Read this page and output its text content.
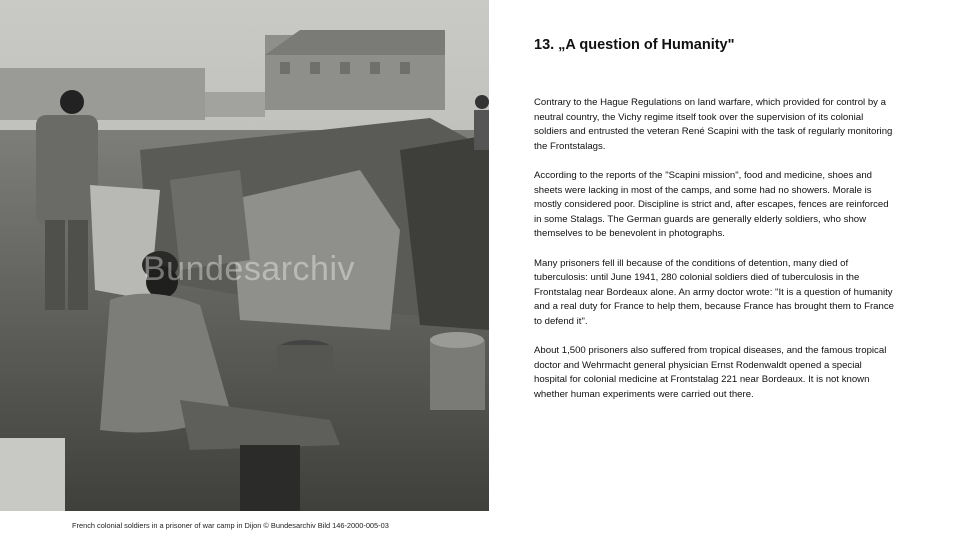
Bundesarchiv
French colonial soldiers in a prisoner of war camp in Dijon © Bundesarchiv Bild 146-2000-005-03
13. „A question of Humanity"

Contrary to the Hague Regulations on land warfare, which provided for control by a neutral country, the Vichy regime itself took over the supervision of its colonial soldiers and entrusted the veteran René Scapini with the task of regularly monitoring the Frontstalags.

According to the reports of the "Scapini mission", food and medicine, shoes and sheets were lacking in most of the camps, and some had no showers. Morale is mostly considered poor. Discipline is strict and, after escapes, fences are reinforced in some Stalags. The German guards are generally elderly soldiers, who show themselves to be benevolent in photographs.

Many prisoners fell ill because of the conditions of detention, many died of tuberculosis: until June 1941, 280 colonial soldiers died of tuberculosis in the Frontstalag near Bordeaux alone. An army doctor wrote: "It is a question of humanity and a real duty for France to help them, because France has brought them to France to defend it".

About 1,500 prisoners also suffered from tropical diseases, and the famous tropical doctor and Wehrmacht general physician Ernst Rodenwaldt opened a special hospital for colonial medicine at Frontstalag 221 near Bordeaux. It is not known whether human experiments were carried out there.
